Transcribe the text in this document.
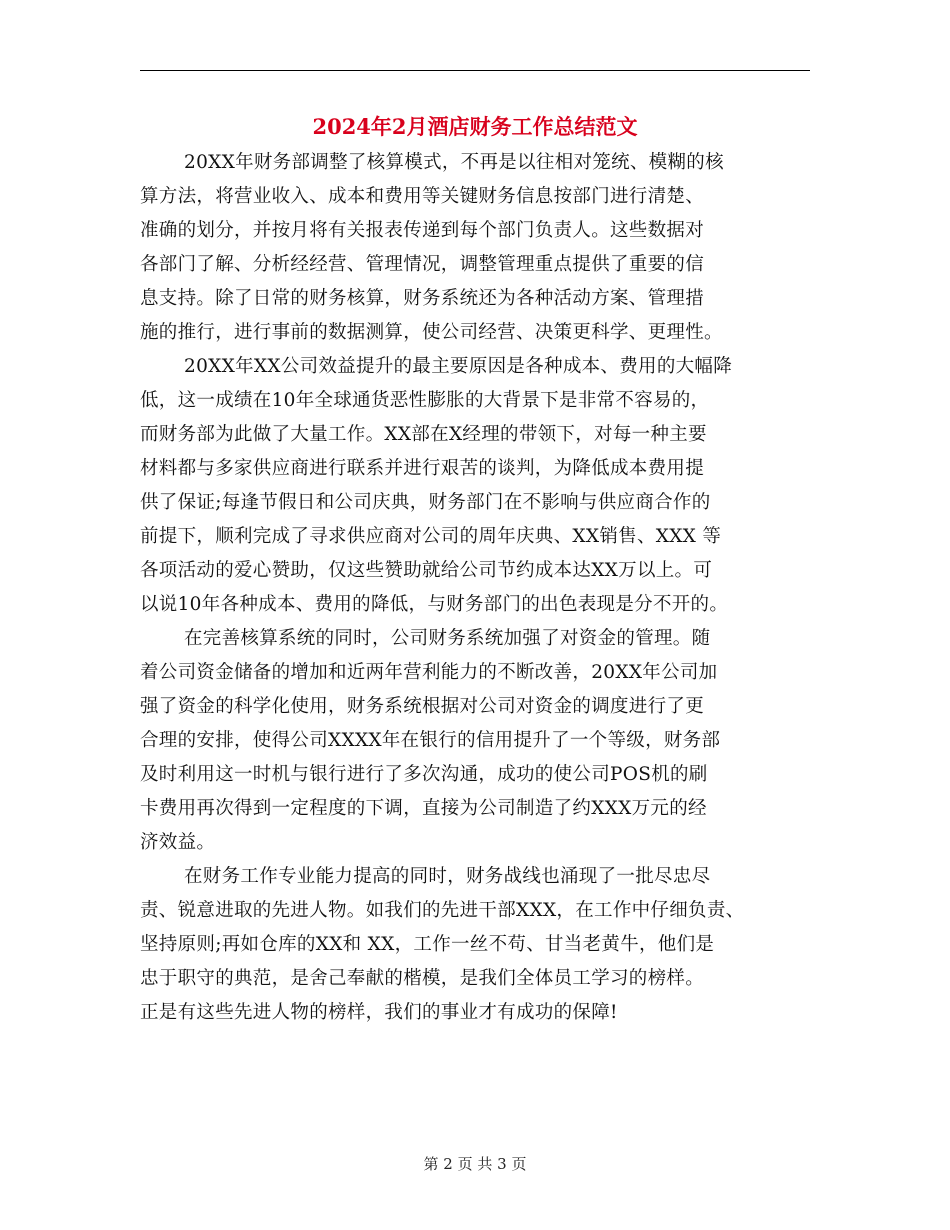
2024年2月酒店财务工作总结范文
20XX年财务部调整了核算模式，不再是以往相对笼统、模糊的核
算方法，将营业收入、成本和费用等关键财务信息按部门进行清楚、
准确的划分，并按月将有关报表传递到每个部门负责人。这些数据对
各部门了解、分析经经营、管理情况，调整管理重点提供了重要的信
息支持。除了日常的财务核算，财务系统还为各种活动方案、管理措
施的推行，进行事前的数据测算，使公司经营、决策更科学、更理性。
20XX年XX公司效益提升的最主要原因是各种成本、费用的大幅降
低，这一成绩在10年全球通货恶性膨胀的大背景下是非常不容易的，
而财务部为此做了大量工作。XX部在X经理的带领下，对每一种主要
材料都与多家供应商进行联系并进行艰苦的谈判，为降低成本费用提
供了保证;每逢节假日和公司庆典，财务部门在不影响与供应商合作的
前提下，顺利完成了寻求供应商对公司的周年庆典、XX销售、XXX 等
各项活动的爱心赞助，仅这些赞助就给公司节约成本达XX万以上。可
以说10年各种成本、费用的降低，与财务部门的出色表现是分不开的。
在完善核算系统的同时，公司财务系统加强了对资金的管理。随
着公司资金储备的增加和近两年营利能力的不断改善，20XX年公司加
强了资金的科学化使用，财务系统根据对公司对资金的调度进行了更
合理的安排，使得公司XXXX年在银行的信用提升了一个等级，财务部
及时利用这一时机与银行进行了多次沟通，成功的使公司POS机的刷
卡费用再次得到一定程度的下调，直接为公司制造了约XXX万元的经
济效益。
在财务工作专业能力提高的同时，财务战线也涌现了一批尽忠尽
责、锐意进取的先进人物。如我们的先进干部XXX，在工作中仔细负责、
坚持原则;再如仓库的XX和 XX，工作一丝不苟、甘当老黄牛，他们是
忠于职守的典范，是舍己奉献的楷模，是我们全体员工学习的榜样。
正是有这些先进人物的榜样，我们的事业才有成功的保障!
第 2 页 共 3 页
